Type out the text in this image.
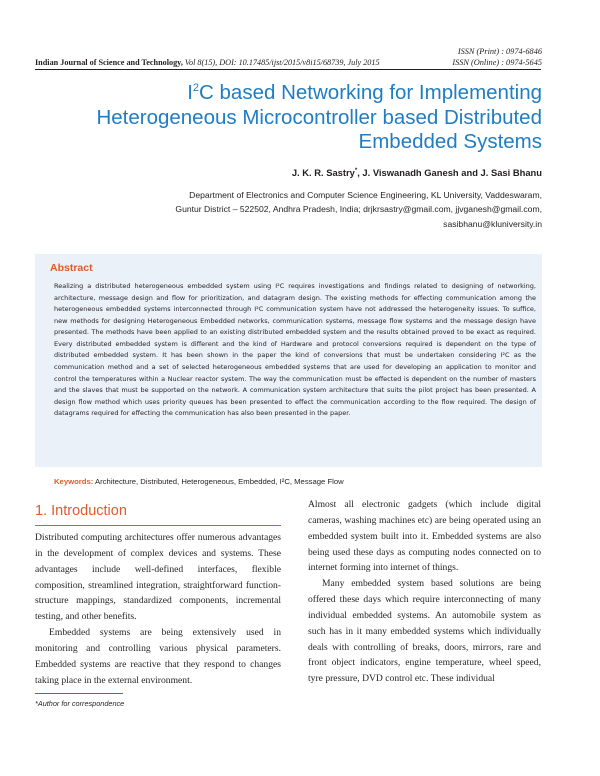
ISSN (Print) : 0974-6846
ISSN (Online) : 0974-5645
Indian Journal of Science and Technology, Vol 8(15), DOI: 10.17485/ijst/2015/v8i15/68739, July 2015
$I^2C$ based Networking for Implementing
Heterogeneous Microcontroller based Distributed
Embedded Systems
J. K. R. Sastry*, J. Viswanadh Ganesh and J. Sasi Bhanu
Department of Electronics and Computer Science Engineering, KL University, Vaddeswaram,
Guntur District – 522502, Andhra Pradesh, India; drjkrsastry@gmail.com, jjvganesh@gmail.com,
sasibhanu@kluniversity.in
Abstract
Realizing a distributed heterogeneous embedded system using I²C requires investigations and findings related to designing of networking, architecture, message design and flow for prioritization, and datagram design. The existing methods for effecting communication among the heterogeneous embedded systems interconnected through I²C communication system have not addressed the heterogeneity issues. To suffice, new methods for designing Heterogeneous Embedded networks, communication systems, message flow systems and the message design have presented. The methods have been applied to an existing distributed embedded system and the results obtained proved to be exact as required. Every distributed embedded system is different and the kind of Hardware and protocol conversions required is dependent on the type of distributed embedded system. It has been shown in the paper the kind of conversions that must be undertaken considering I²C as the communication method and a set of selected heterogeneous embedded systems that are used for developing an application to monitor and control the temperatures within a Nuclear reactor system. The way the communication must be effected is dependent on the number of masters and the slaves that must be supported on the network. A communication system architecture that suits the pilot project has been presented. A design flow method which uses priority queues has been presented to effect the communication according to the flow required. The design of datagrams required for effecting the communication has also been presented in the paper.
Keywords: Architecture, Distributed, Heterogeneous, Embedded, I²C, Message Flow
1. Introduction

Distributed computing architectures offer numerous advantages in the development of complex devices and systems. These advantages include well-defined interfaces, flexible composition, streamlined integration, straightforward function-structure mappings, standardized components, incremental testing, and other benefits.

Embedded systems are being extensively used in monitoring and controlling various physical parameters. Embedded systems are reactive that they respond to changes taking place in the external environment.

Almost all electronic gadgets (which include digital cameras, washing machines etc) are being operated using an embedded system built into it. Embedded systems are also being used these days as computing nodes connected on to internet forming into internet of things.

Many embedded system based solutions are being offered these days which require interconnecting of many individual embedded systems. An automobile system as such has in it many embedded systems which individually deals with controlling of breaks, doors, mirrors, rare and front object indicators, engine temperature, wheel speed, tyre pressure, DVD control etc. These individual

*Author for correspondence
